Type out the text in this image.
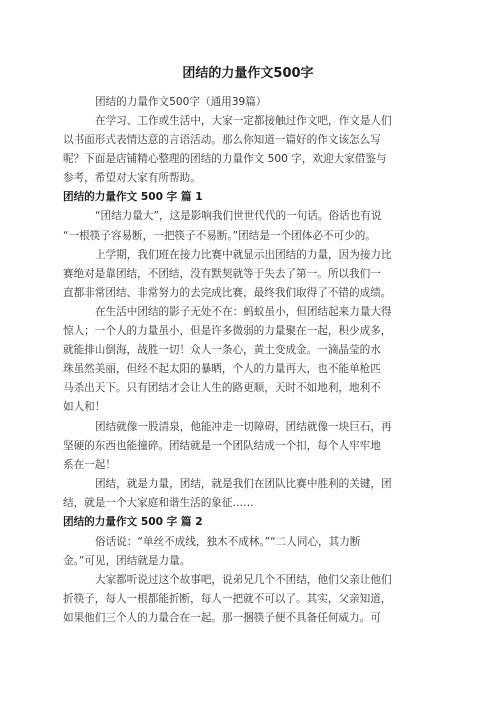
团结的力量作文500字
团结的力量作文500字（通用39篇）
在学习、工作或生活中，大家一定都接触过作文吧，作文是人们
以书面形式表情达意的言语活动。那么你知道一篇好的作文该怎么写
呢？下面是店铺精心整理的团结的力量作文 500 字，欢迎大家借鉴与
参考，希望对大家有所帮助。
团结的力量作文 500 字 篇 1
“团结力量大”，这是影响我们世世代代的一句话。俗话也有说
“一根筷子容易断，一把筷子不易断。”团结是一个团体必不可少的。
上学期，我们班在接力比赛中就显示出团结的力量，因为接力比
赛绝对是靠团结，不团结，没有默契就等于失去了第一。所以我们一
直都非常团结、非常努力的去完成比赛，最终我们取得了不错的成绩。
在生活中团结的影子无处不在：蚂蚁虽小，但团结起来力量大得
惊人；一个人的力量虽小，但是许多微弱的力量聚在一起，积少成多，
就能排山倒海，战胜一切！众人一条心，黄土变成金。一滴晶莹的水
珠虽然美丽，但经不起太阳的暴晒，个人的力量再大，也不能单枪匹
马杀出天下。只有团结才会让人生的路更顺，天时不如地利，地利不
如人和！
团结就像一股清泉，他能冲走一切障碍，团结就像一块巨石，再
坚硬的东西也能撞碎。团结就是一个团队结成一个扣，每个人牢牢地
系在一起！
团结，就是力量，团结，就是我们在团队比赛中胜利的关键，团
结，就是一个大家庭和谐生活的象征……
团结的力量作文 500 字 篇 2
俗话说：“单丝不成线，独木不成林。”“二人同心，其力断
金。”可见，团结就是力量。
大家都听说过这个故事吧，说弟兄几个不团结，他们父亲让他们
折筷子，每人一根都能折断，每人一把就不可以了。其实，父亲知道，
如果他们三个人的力量合在一起。那一捆筷子便不具备任何威力。可
